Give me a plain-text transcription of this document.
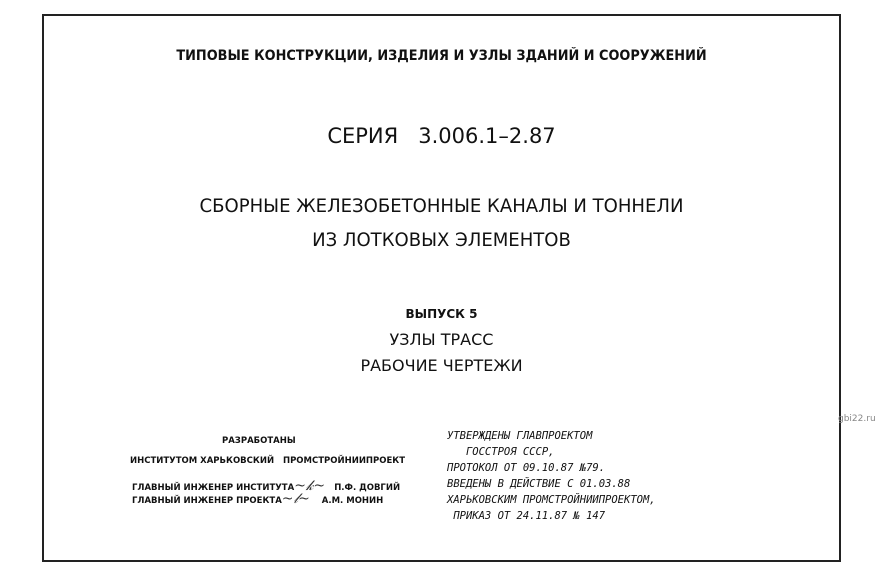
ТИПОВЫЕ КОНСТРУКЦИИ, ИЗДЕЛИЯ И УЗЛЫ ЗДАНИЙ И СООРУЖЕНИЙ
СЕРИЯ   3.006.1–2.87
СБОРНЫЕ ЖЕЛЕЗОБЕТОННЫЕ КАНАЛЫ И ТОННЕЛИ
ИЗ ЛОТКОВЫХ ЭЛЕМЕНТОВ
ВЫПУСК 5
УЗЛЫ ТРАСС
РАБОЧИЕ ЧЕРТЕЖИ
РАЗРАБОТАНЫ
ИНСТИТУТОМ ХАРЬКОВСКИЙ   ПРОМСТРОЙНИИПРОЕКТ
ГЛАВНЫЙ ИНЖЕНЕР ИНСТИТУТА~𝓀~ П.Ф. ДОВГИЙ
ГЛАВНЫЙ ИНЖЕНЕР ПРОЕКТА~𝓁~ А.М. МОНИН
УТВЕРЖДЕНЫ ГЛАВПРОЕКТОМ
ГОССТРОЯ СССР,
ПРОТОКОЛ ОТ 09.10.87 №79.
ВВЕДЕНЫ В ДЕЙСТВИЕ С 01.03.88
ХАРЬКОВСКИМ ПРОМСТРОЙНИИПРОЕКТОМ,
ПРИКАЗ ОТ 24.11.87 № 147
gbi22.ru
